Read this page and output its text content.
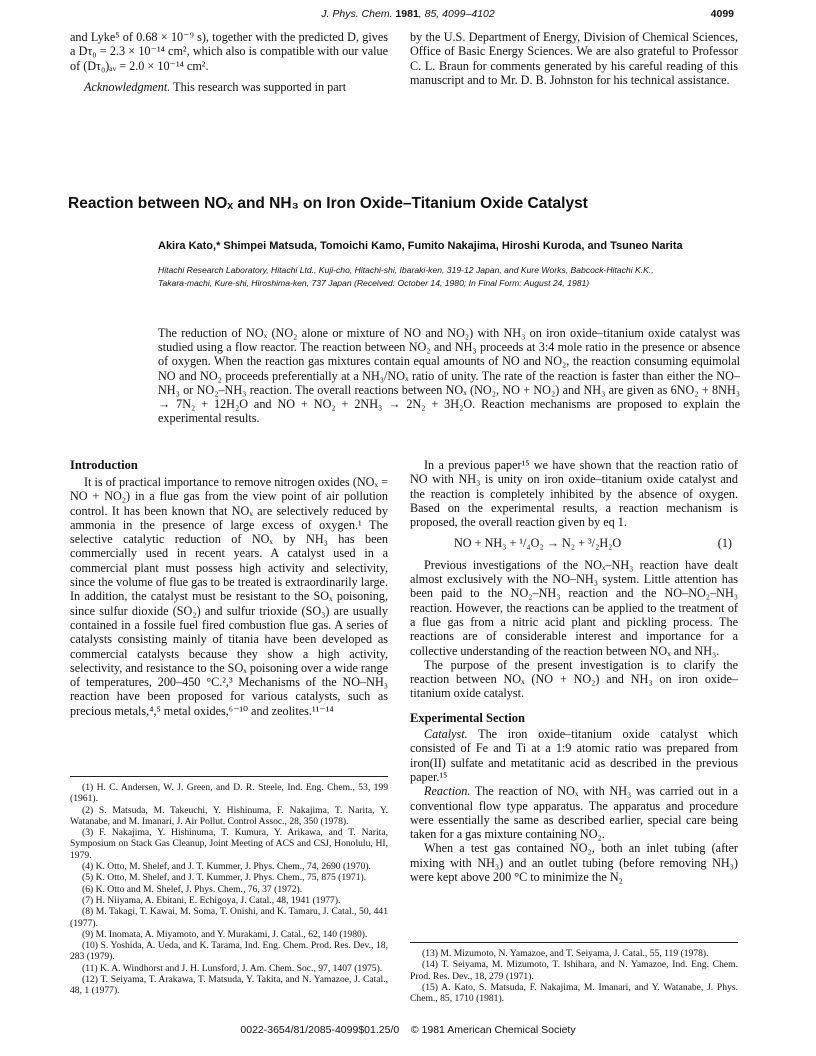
J. Phys. Chem. 1981, 85, 4099–4102	4099

and Lyke⁵ of 0.68 × 10⁻⁹ s), together with the predicted D, gives a Dτ₀ = 2.3 × 10⁻¹⁴ cm², which also is compatible with our value of (Dτ₀)ₐᵥ = 2.0 × 10⁻¹⁴ cm².

Acknowledgment. This research was supported in part

by the U.S. Department of Energy, Division of Chemical Sciences, Office of Basic Energy Sciences. We are also grateful to Professor C. L. Braun for comments generated by his careful reading of this manuscript and to Mr. D. B. Johnston for his technical assistance.

Reaction between NOₓ and NH₃ on Iron Oxide–Titanium Oxide Catalyst
Akira Kato,* Shimpei Matsuda, Tomoichi Kamo, Fumito Nakajima, Hiroshi Kuroda, and Tsuneo Narita
Hitachi Research Laboratory, Hitachi Ltd., Kuji-cho, Hitachi-shi, Ibaraki-ken, 319-12 Japan, and Kure Works, Babcock-Hitachi K.K.,
Takara-machi, Kure-shi, Hiroshima-ken, 737 Japan (Received: October 14, 1980; In Final Form: August 24, 1981)

The reduction of NOₓ (NO₂ alone or mixture of NO and NO₂) with NH₃ on iron oxide–titanium oxide catalyst was studied using a flow reactor. The reaction between NO₂ and NH₃ proceeds at 3:4 mole ratio in the presence or absence of oxygen. When the reaction gas mixtures contain equal amounts of NO and NO₂, the reaction consuming equimolal NO and NO₂ proceeds preferentially at a NH₃/NOₓ ratio of unity. The rate of the reaction is faster than either the NO–NH₃ or NO₂–NH₃ reaction. The overall reactions between NOₓ (NO₂, NO + NO₂) and NH₃ are given as 6NO₂ + 8NH₃ → 7N₂ + 12H₂O and NO + NO₂ + 2NH₃ → 2N₂ + 3H₂O. Reaction mechanisms are proposed to explain the experimental results.

Introduction

It is of practical importance to remove nitrogen oxides (NOₓ = NO + NO₂) in a flue gas from the view point of air pollution control. It has been known that NOₓ are selectively reduced by ammonia in the presence of large excess of oxygen.¹ The selective catalytic reduction of NOₓ by NH₃ has been commercially used in recent years. A catalyst used in a commercial plant must possess high activity and selectivity, since the volume of flue gas to be treated is extraordinarily large. In addition, the catalyst must be resistant to the SOₓ poisoning, since sulfur dioxide (SO₂) and sulfur trioxide (SO₃) are usually contained in a fossile fuel fired combustion flue gas. A series of catalysts consisting mainly of titania have been developed as commercial catalysts because they show a high activity, selectivity, and resistance to the SOₓ poisoning over a wide range of temperatures, 200–450 °C.²,³ Mechanisms of the NO–NH₃ reaction have been proposed for various catalysts, such as precious metals,⁴,⁵ metal oxides,⁶⁻¹⁰ and zeolites.¹¹⁻¹⁴

(1) H. C. Andersen, W. J. Green, and D. R. Steele, Ind. Eng. Chem., 53, 199 (1961).

(2) S. Matsuda, M. Takeuchi, Y. Hishinuma, F. Nakajima, T. Narita, Y. Watanabe, and M. Imanari, J. Air Pollut. Control Assoc., 28, 350 (1978).

(3) F. Nakajima, Y. Hishinuma, T. Kumura, Y. Arikawa, and T. Narita, Symposium on Stack Gas Cleanup, Joint Meeting of ACS and CSJ, Honolulu, HI, 1979.

(4) K. Otto, M. Shelef, and J. T. Kummer, J. Phys. Chem., 74, 2690 (1970).

(5) K. Otto, M. Shelef, and J. T. Kummer, J. Phys. Chem., 75, 875 (1971).

(6) K. Otto and M. Shelef, J. Phys. Chem., 76, 37 (1972).

(7) H. Niiyama, A. Ebitani, E. Echigoya, J. Catal., 48, 1941 (1977).

(8) M. Takagi, T. Kawai, M. Soma, T. Onishi, and K. Tamaru, J. Catal., 50, 441 (1977).

(9) M. Inomata, A. Miyamoto, and Y. Murakami, J. Catal., 62, 140 (1980).

(10) S. Yoshida, A. Ueda, and K. Tarama, Ind. Eng. Chem. Prod. Res. Dev., 18, 283 (1979).

(11) K. A. Windhorst and J. H. Lunsford, J. Am. Chem. Soc., 97, 1407 (1975).

(12) T. Seiyama, T. Arakawa, T. Matsuda, Y. Takita, and N. Yamazoe, J. Catal., 48, 1 (1977).

In a previous paper¹⁵ we have shown that the reaction ratio of NO with NH₃ is unity on iron oxide–titanium oxide catalyst and the reaction is completely inhibited by the absence of oxygen. Based on the experimental results, a reaction mechanism is proposed, the overall reaction given by eq 1.

NO + NH₃ + ¹/₄O₂ → N₂ + ³/₂H₂O	(1)

Previous investigations of the NOₓ–NH₃ reaction have dealt almost exclusively with the NO–NH₃ system. Little attention has been paid to the NO₂–NH₃ reaction and the NO–NO₂–NH₃ reaction. However, the reactions can be applied to the treatment of a flue gas from a nitric acid plant and pickling process. The reactions are of considerable interest and importance for a collective understanding of the reaction between NOₓ and NH₃.

The purpose of the present investigation is to clarify the reaction between NOₓ (NO + NO₂) and NH₃ on iron oxide–titanium oxide catalyst.

Experimental Section

Catalyst. The iron oxide–titanium oxide catalyst which consisted of Fe and Ti at a 1:9 atomic ratio was prepared from iron(II) sulfate and metatitanic acid as described in the previous paper.¹⁵

Reaction. The reaction of NOₓ with NH₃ was carried out in a conventional flow type apparatus. The apparatus and procedure were essentially the same as described earlier, special care being taken for a gas mixture containing NO₂.

When a test gas contained NO₂, both an inlet tubing (after mixing with NH₃) and an outlet tubing (before removing NH₃) were kept above 200 °C to minimize the N₂

(13) M. Mizumoto, N. Yamazoe, and T. Seiyama, J. Catal., 55, 119 (1978).

(14) T. Seiyama, M. Mizumoto, T. Ishihara, and N. Yamazoe, Ind. Eng. Chem. Prod. Res. Dev., 18, 279 (1971).

(15) A. Kato, S. Matsuda, F. Nakajima, M. Imanari, and Y. Watanabe, J. Phys. Chem., 85, 1710 (1981).

0022-3654/81/2085-4099$01.25/0 © 1981 American Chemical Society
